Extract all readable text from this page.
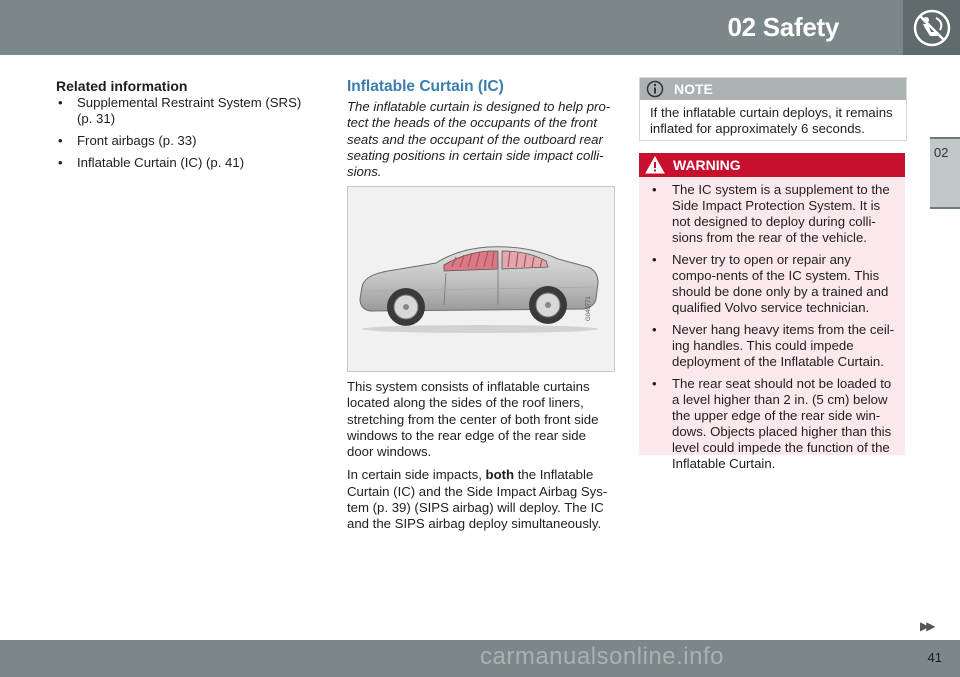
02 Safety
02
▶▶
Related information
• Supplemental Restraint System (SRS) (p. 31)
• Front airbags (p. 33)
• Inflatable Curtain (IC) (p. 41)
Inflatable Curtain (IC)

The inflatable curtain is designed to help pro-tect the heads of the occupants of the front seats and the occupant of the outboard rear seating positions in certain side impact colli-sions.

G040771

This system consists of inflatable curtains located along the sides of the roof liners, stretching from the center of both front side windows to the rear edge of the rear side door windows.

In certain side impacts, both the Inflatable Curtain (IC) and the Side Impact Airbag Sys-tem (p. 39) (SIPS airbag) will deploy. The IC and the SIPS airbag deploy simultaneously.

NOTE
If the inflatable curtain deploys, it remains inflated for approximately 6 seconds.
WARNING
• The IC system is a supplement to the Side Impact Protection System. It is not designed to deploy during colli-sions from the rear of the vehicle.
• Never try to open or repair any compo-nents of the IC system. This should be done only by a trained and qualified Volvo service technician.
• Never hang heavy items from the ceil-ing handles. This could impede deployment of the Inflatable Curtain.
• The rear seat should not be loaded to a level higher than 2 in. (5 cm) below the upper edge of the rear side win-dows. Objects placed higher than this level could impede the function of the Inflatable Curtain.
41
carmanualsonline.info
